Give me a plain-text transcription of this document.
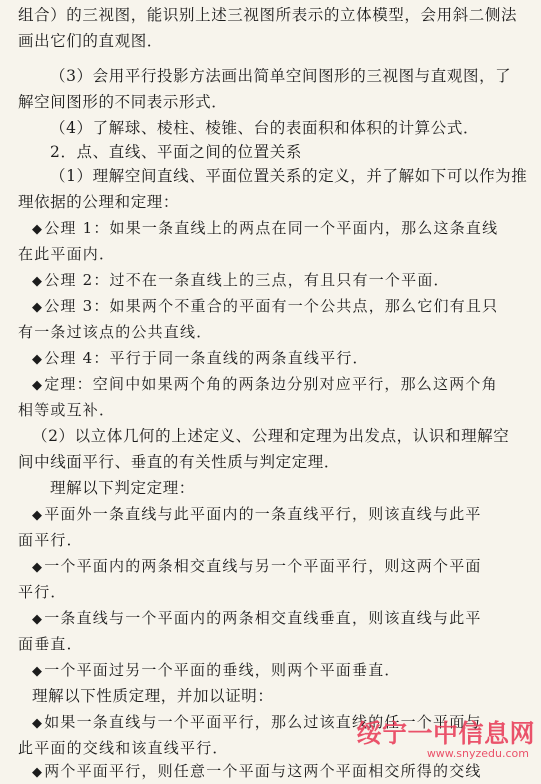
组合）的三视图，能识别上述三视图所表示的立体模型，会用斜二侧法
画出它们的直观图．
（3）会用平行投影方法画出简单空间图形的三视图与直观图，了
解空间图形的不同表示形式．
（4）了解球、棱柱、棱锥、台的表面积和体积的计算公式．
2．点、直线、平面之间的位置关系
（1）理解空间直线、平面位置关系的定义，并了解如下可以作为推
理依据的公理和定理：
◆公理 1：如果一条直线上的两点在同一个平面内，那么这条直线
在此平面内．
◆公理 2：过不在一条直线上的三点，有且只有一个平面．
◆公理 3：如果两个不重合的平面有一个公共点，那么它们有且只
有一条过该点的公共直线．
◆公理 4：平行于同一条直线的两条直线平行．
◆定理：空间中如果两个角的两条边分别对应平行，那么这两个角
相等或互补．
（2）以立体几何的上述定义、公理和定理为出发点，认识和理解空
间中线面平行、垂直的有关性质与判定定理．
理解以下判定定理：
◆平面外一条直线与此平面内的一条直线平行，则该直线与此平
面平行．
◆一个平面内的两条相交直线与另一个平面平行，则这两个平面
平行．
◆一条直线与一个平面内的两条相交直线垂直，则该直线与此平
面垂直．
◆一个平面过另一个平面的垂线，则两个平面垂直．
理解以下性质定理，并加以证明：
◆如果一条直线与一个平面平行，那么过该直线的任一个平面与
此平面的交线和该直线平行．
◆两个平面平行，则任意一个平面与这两个平面相交所得的交线
绥宁一中信息网
www.snyzedu.com
